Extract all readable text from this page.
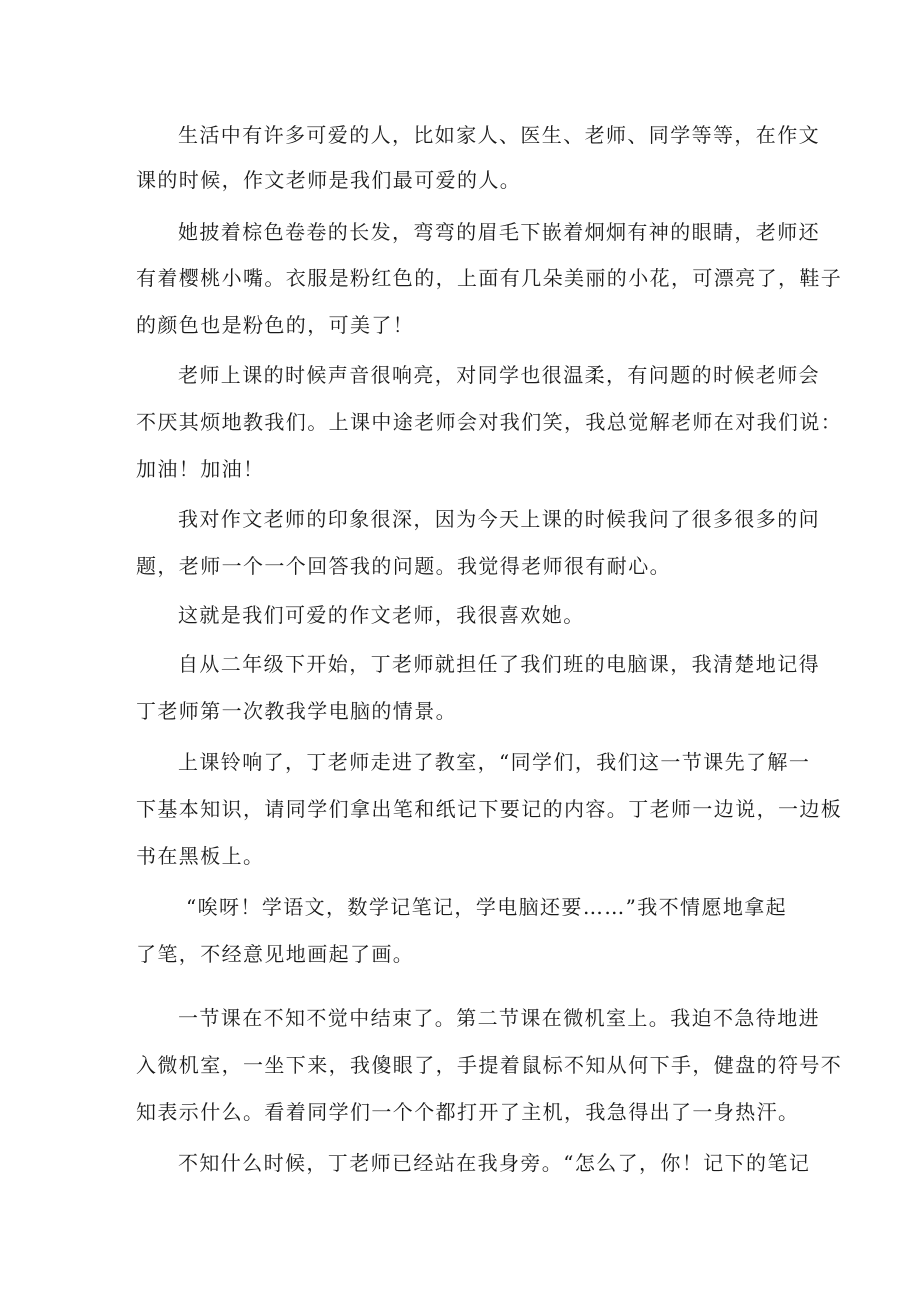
生活中有许多可爱的人，比如家人、医生、老师、同学等等，在作文
课的时候，作文老师是我们最可爱的人。
她披着棕色卷卷的长发，弯弯的眉毛下嵌着炯炯有神的眼睛，老师还
有着樱桃小嘴。衣服是粉红色的，上面有几朵美丽的小花，可漂亮了，鞋子
的颜色也是粉色的，可美了！
老师上课的时候声音很响亮，对同学也很温柔，有问题的时候老师会
不厌其烦地教我们。上课中途老师会对我们笑，我总觉解老师在对我们说：
加油！加油！
我对作文老师的印象很深，因为今天上课的时候我问了很多很多的问
题，老师一个一个回答我的问题。我觉得老师很有耐心。
这就是我们可爱的作文老师，我很喜欢她。
自从二年级下开始，丁老师就担任了我们班的电脑课，我清楚地记得
丁老师第一次教我学电脑的情景。
上课铃响了，丁老师走进了教室，“同学们，我们这一节课先了解一
下基本知识，请同学们拿出笔和纸记下要记的内容。丁老师一边说，一边板
书在黑板上。
“唉呀！学语文，数学记笔记，学电脑还要……”我不情愿地拿起
了笔，不经意见地画起了画。
一节课在不知不觉中结束了。第二节课在微机室上。我迫不急待地进
入微机室，一坐下来，我傻眼了，手提着鼠标不知从何下手，健盘的符号不
知表示什么。看着同学们一个个都打开了主机，我急得出了一身热汗。
不知什么时候，丁老师已经站在我身旁。“怎么了，你！记下的笔记
